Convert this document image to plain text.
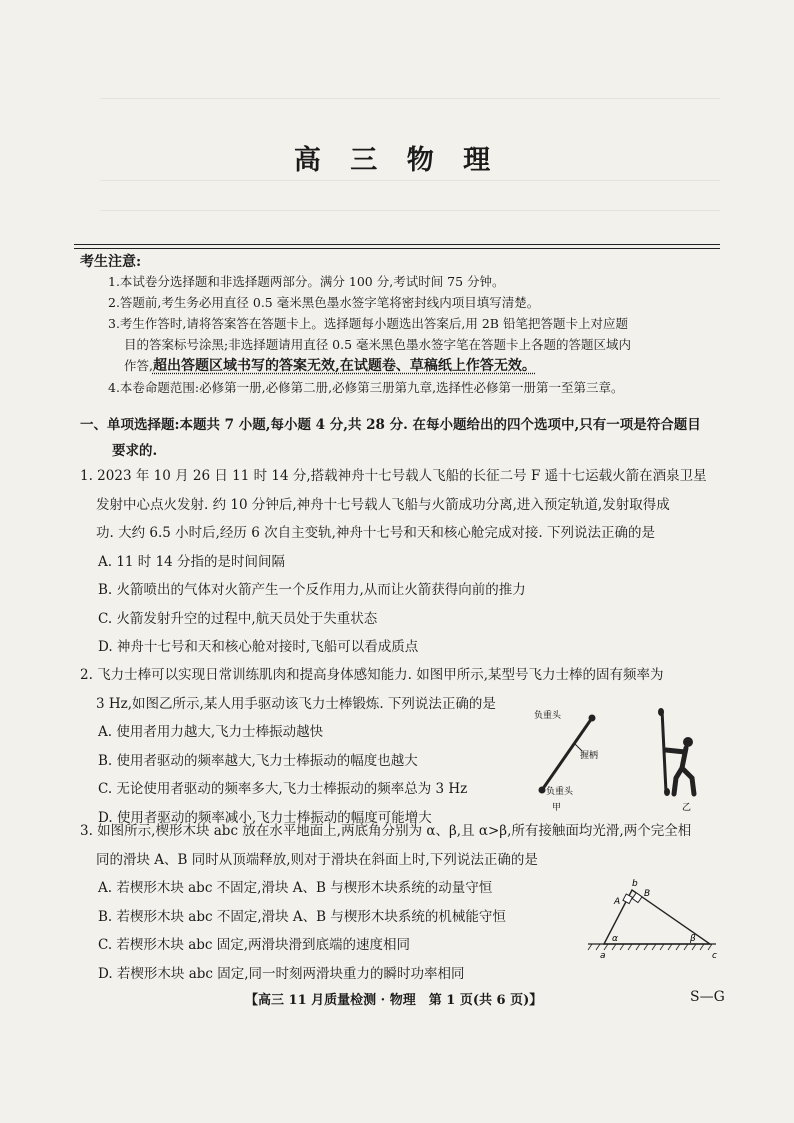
高 三 物 理
考生注意:
1.本试卷分选择题和非选择题两部分。满分 100 分,考试时间 75 分钟。
2.答题前,考生务必用直径 0.5 毫米黑色墨水签字笔将密封线内项目填写清楚。
3.考生作答时,请将答案答在答题卡上。选择题每小题选出答案后,用 2B 铅笔把答题卡上对应题
目的答案标号涂黑;非选择题请用直径 0.5 毫米黑色墨水签字笔在答题卡上各题的答题区域内
作答,超出答题区域书写的答案无效,在试题卷、草稿纸上作答无效。
4.本卷命题范围:必修第一册,必修第二册,必修第三册第九章,选择性必修第一册第一至第三章。
一、单项选择题:本题共 7 小题,每小题 4 分,共 28 分. 在每小题给出的四个选项中,只有一项是符合题目
要求的.
1. 2023 年 10 月 26 日 11 时 14 分,搭载神舟十七号载人飞船的长征二号 F 遥十七运载火箭在酒泉卫星
发射中心点火发射. 约 10 分钟后,神舟十七号载人飞船与火箭成功分离,进入预定轨道,发射取得成
功. 大约 6.5 小时后,经历 6 次自主变轨,神舟十七号和天和核心舱完成对接. 下列说法正确的是
A. 11 时 14 分指的是时间间隔
B. 火箭喷出的气体对火箭产生一个反作用力,从而让火箭获得向前的推力
C. 火箭发射升空的过程中,航天员处于失重状态
D. 神舟十七号和天和核心舱对接时,飞船可以看成质点
2. 飞力士棒可以实现日常训练肌肉和提高身体感知能力. 如图甲所示,某型号飞力士棒的固有频率为
3 Hz,如图乙所示,某人用手驱动该飞力士棒锻炼. 下列说法正确的是
A. 使用者用力越大,飞力士棒振动越快
B. 使用者驱动的频率越大,飞力士棒振动的幅度也越大
C. 无论使用者驱动的频率多大,飞力士棒振动的频率总为 3 Hz
D. 使用者驱动的频率减小,飞力士棒振动的幅度可能增大
负重头
握柄
负重头
甲	乙
3. 如图所示,楔形木块 abc 放在水平地面上,两底角分别为 α、β,且 α>β,所有接触面均光滑,两个完全相
同的滑块 A、B 同时从顶端释放,则对于滑块在斜面上时,下列说法正确的是
A. 若楔形木块 abc 不固定,滑块 A、B 与楔形木块系统的动量守恒
B. 若楔形木块 abc 不固定,滑块 A、B 与楔形木块系统的机械能守恒
C. 若楔形木块 abc 固定,两滑块滑到底端的速度相同
D. 若楔形木块 abc 固定,同一时刻两滑块重力的瞬时功率相同
A
B
b
a	c
α	β
【高三 11 月质量检测 · 物理　第 1 页(共 6 页)】	S—G
